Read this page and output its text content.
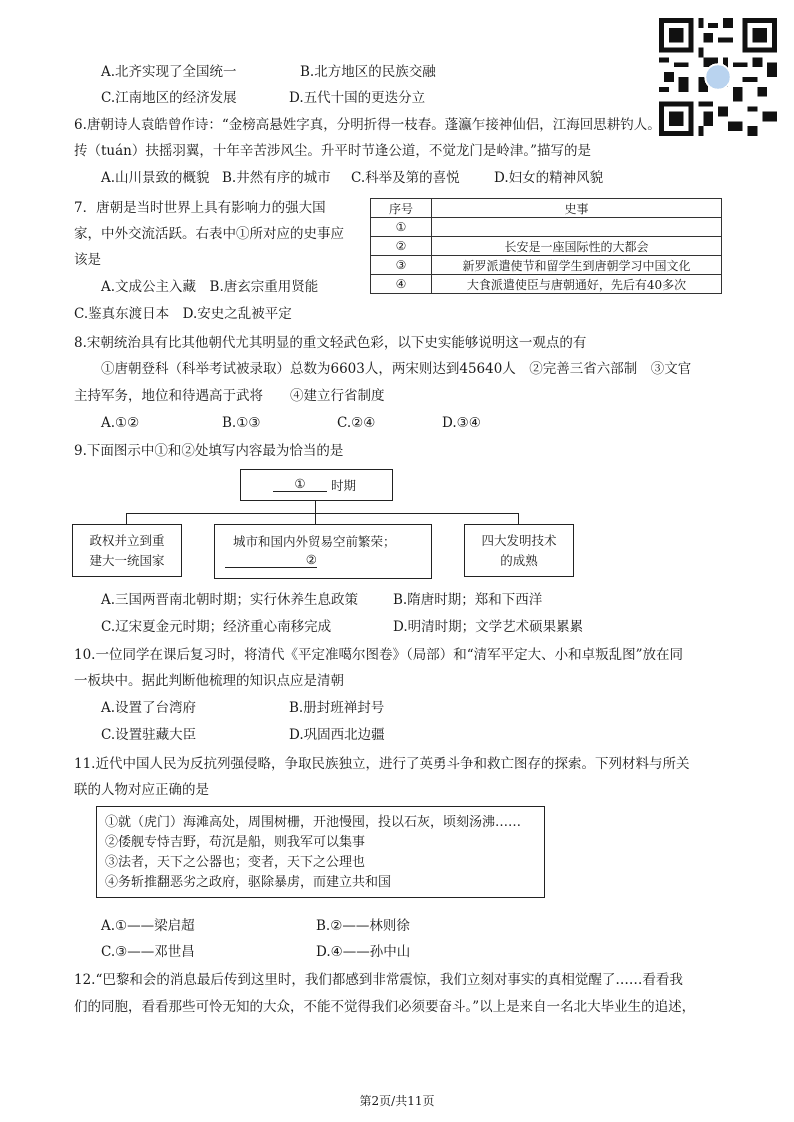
A.北齐实现了全国统一	B.北方地区的民族交融
C.江南地区的经济发展	D.五代十国的更迭分立
6.唐朝诗人袁皓曾作诗：“金榜高悬姓字真，分明折得一枝春。蓬瀛乍接神仙侣，江海回思耕钓人。
抟（tuán）扶摇羽翼，十年辛苦涉风尘。升平时节逢公道，不觉龙门是岭津。”描写的是
A.山川景致的概貌 B.井然有序的城市 C.科举及第的喜悦	D.妇女的精神风貌
7．唐朝是当时世界上具有影响力的强大国
家，中外交流活跃。右表中①所对应的史事应
该是
A.文成公主入藏　B.唐玄宗重用贤能
C.鉴真东渡日本　D.安史之乱被平定
序号	史事
①	
②	长安是一座国际性的大都会
③	新罗派遣使节和留学生到唐朝学习中国文化
④	大食派遣使臣与唐朝通好，先后有40多次
8.宋朝统治具有比其他朝代尤其明显的重文轻武色彩，以下史实能够说明这一观点的有
①唐朝登科（科举考试被录取）总数为6603人，两宋则达到45640人　②完善三省六部制　③文官
主持军务，地位和待遇高于武将　　④建立行省制度
A.①②	B.①③	C.②④	D.③④
9.下面图示中①和②处填写内容最为恰当的是
①	时期
政权并立到重
建大一统国家
城市和国内外贸易空前繁荣；
②
四大发明技术
的成熟
A.三国两晋南北朝时期；实行休养生息政策	B.隋唐时期；郑和下西洋
C.辽宋夏金元时期；经济重心南移完成	D.明清时期；文学艺术硕果累累
10.一位同学在课后复习时，将清代《平定准噶尔图卷》（局部）和“清军平定大、小和卓叛乱图”放在同
一板块中。据此判断他梳理的知识点应是清朝
A.设置了台湾府	B.册封班禅封号
C.设置驻藏大臣	D.巩固西北边疆
11.近代中国人民为反抗列强侵略，争取民族独立，进行了英勇斗争和救亡图存的探索。下列材料与所关
联的人物对应正确的是
①就（虎门）海滩高处，周围树栅，开池慢囤，投以石灰，顷刻汤沸……
②倭舰专恃吉野，苟沉是船，则我军可以集事
③法者，天下之公器也；变者，天下之公理也
④务斩推翻恶劣之政府，驱除暴虏，而建立共和国
A.①——梁启超	B.②——林则徐
C.③——邓世昌	D.④——孙中山
12.“巴黎和会的消息最后传到这里时，我们都感到非常震惊，我们立刻对事实的真相觉醒了……看看我
们的同胞，看看那些可怜无知的大众，不能不觉得我们必须要奋斗。”以上是来自一名北大毕业生的追述，
第2页/共11页
